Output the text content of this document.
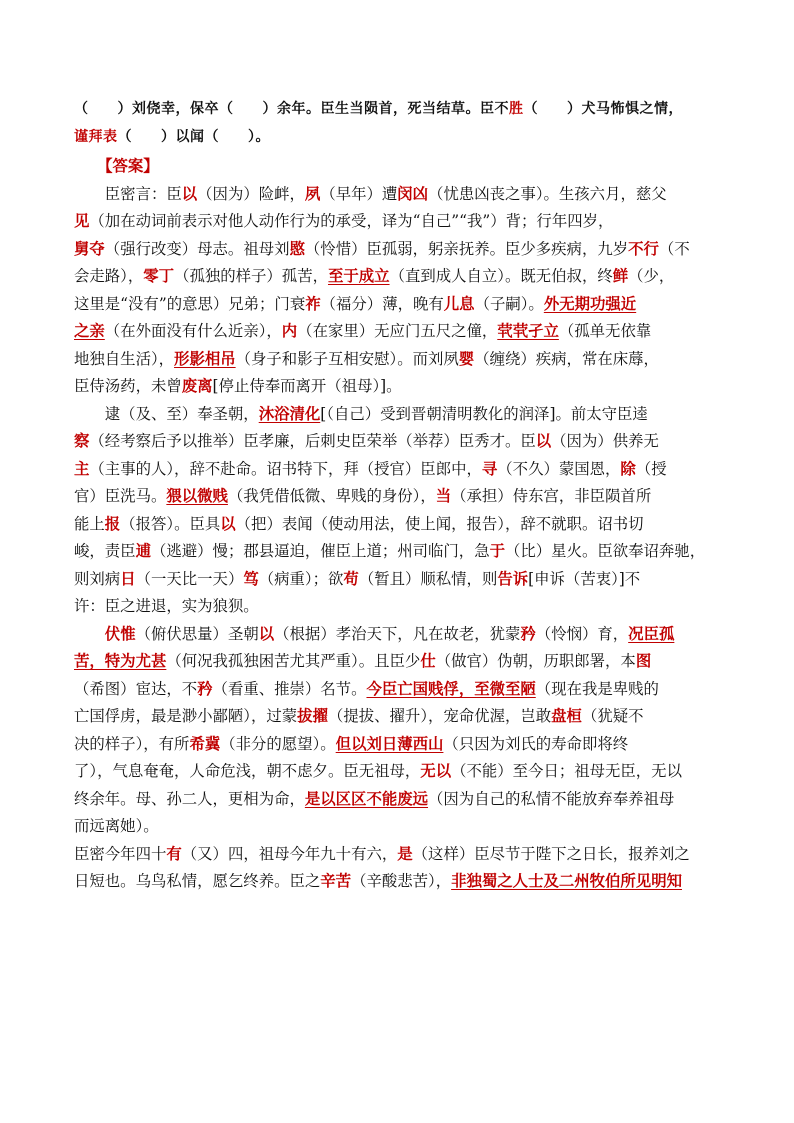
（　　）刘侥幸，保卒（　　）余年。臣生当陨首，死当结草。臣不胜（　　）犬马怖惧之情，
谨拜表（　　）以闻（　　）。
　　【答案】
　　臣密言：臣以（因为）险衅，夙（早年）遭闵凶（忧患凶丧之事）。生孩六月，慈父
见（加在动词前表示对他人动作行为的承受，译为“自己”“我”）背；行年四岁，
舅夺（强行改变）母志。祖母刘愍（怜惜）臣孤弱，躬亲抚养。臣少多疾病，九岁不行（不
会走路），零丁（孤独的样子）孤苦，至于成立（直到成人自立）。既无伯叔，终鲜（少，
这里是“没有”的意思）兄弟；门衰祚（福分）薄，晚有儿息（子嗣）。外无期功强近
之亲（在外面没有什么近亲），内（在家里）无应门五尺之僮，茕茕孑立（孤单无依靠
地独自生活），形影相吊（身子和影子互相安慰）。而刘夙婴（缠绕）疾病，常在床蓐，
臣侍汤药，未曾废离[停止侍奉而离开（祖母）]。
　　逮（及、至）奉圣朝，沐浴清化[（自己）受到晋朝清明教化的润泽]。前太守臣逵
察（经考察后予以推举）臣孝廉，后刺史臣荣举（举荐）臣秀才。臣以（因为）供养无
主（主事的人），辞不赴命。诏书特下，拜（授官）臣郎中，寻（不久）蒙国恩，除（授
官）臣洗马。猥以微贱（我凭借低微、卑贱的身份），当（承担）侍东宫，非臣陨首所
能上报（报答）。臣具以（把）表闻（使动用法，使上闻，报告），辞不就职。诏书切
峻，责臣逋（逃避）慢；郡县逼迫，催臣上道；州司临门，急于（比）星火。臣欲奉诏奔驰，
则刘病日（一天比一天）笃（病重）；欲苟（暂且）顺私情，则告诉[申诉（苦衷）]不
许：臣之进退，实为狼狈。
　　伏惟（俯伏思量）圣朝以（根据）孝治天下，凡在故老，犹蒙矜（怜悯）育，况臣孤
苦，特为尤甚（何况我孤独困苦尤其严重）。且臣少仕（做官）伪朝，历职郎署，本图
（希图）宦达，不矜（看重、推崇）名节。今臣亡国贱俘，至微至陋（现在我是卑贱的
亡国俘虏，最是渺小鄙陋），过蒙拔擢（提拔、擢升），宠命优渥，岂敢盘桓（犹疑不
决的样子），有所希冀（非分的愿望）。但以刘日薄西山（只因为刘氏的寿命即将终
了），气息奄奄，人命危浅，朝不虑夕。臣无祖母，无以（不能）至今日；祖母无臣，无以
终余年。母、孙二人，更相为命，是以区区不能废远（因为自己的私情不能放弃奉养祖母
而远离她）。
臣密今年四十有（又）四，祖母今年九十有六，是（这样）臣尽节于陛下之日长，报养刘之
日短也。乌鸟私情，愿乞终养。臣之辛苦（辛酸悲苦），非独蜀之人士及二州牧伯所见明知
